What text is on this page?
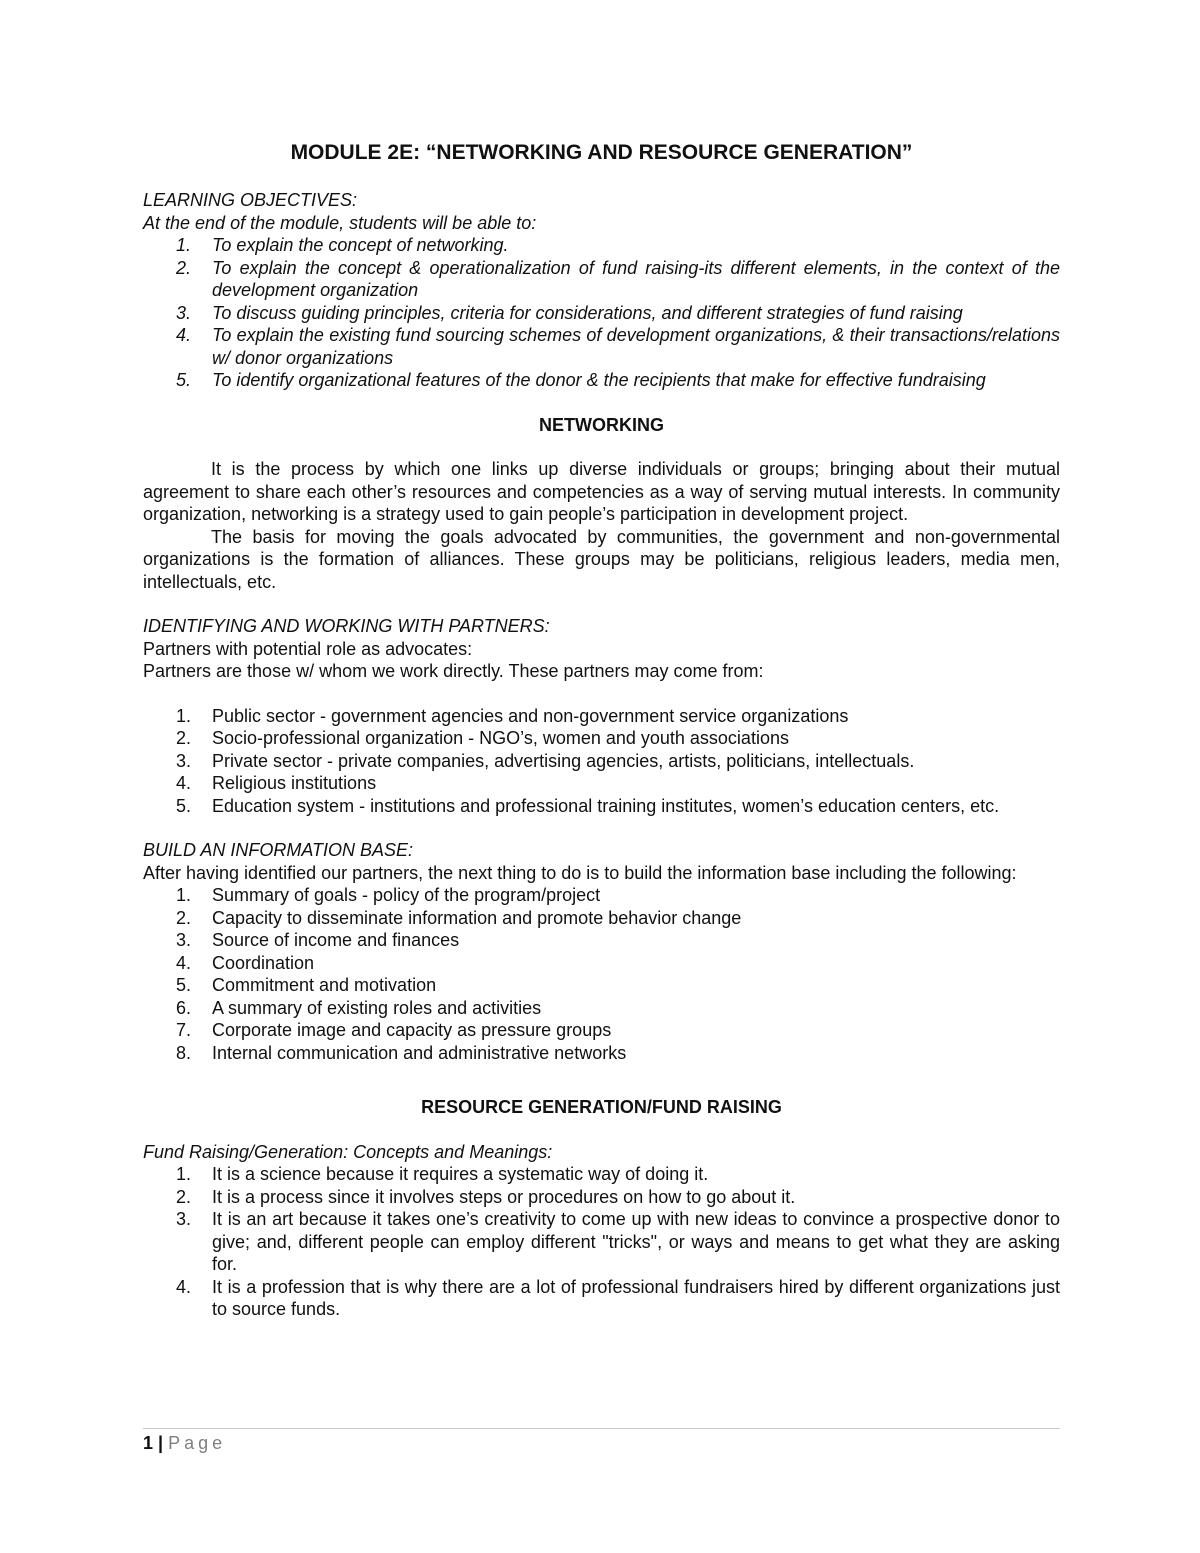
MODULE 2E: “NETWORKING AND RESOURCE GENERATION”

LEARNING OBJECTIVES:

At the end of the module, students will be able to:

1. To explain the concept of networking.
2. To explain the concept & operationalization of fund raising-its different elements, in the context of the development organization
3. To discuss guiding principles, criteria for considerations, and different strategies of fund raising
4. To explain the existing fund sourcing schemes of development organizations, & their transactions/relations w/ donor organizations
5. To identify organizational features of the donor & the recipients that make for effective fundraising

NETWORKING

It is the process by which one links up diverse individuals or groups; bringing about their mutual agreement to share each other’s resources and competencies as a way of serving mutual interests. In community organization, networking is a strategy used to gain people’s participation in development project.

The basis for moving the goals advocated by communities, the government and non-governmental organizations is the formation of alliances. These groups may be politicians, religious leaders, media men, intellectuals, etc.

IDENTIFYING AND WORKING WITH PARTNERS:

Partners with potential role as advocates:

Partners are those w/ whom we work directly. These partners may come from:

1. Public sector - government agencies and non-government service organizations
2. Socio-professional organization - NGO’s, women and youth associations
3. Private sector - private companies, advertising agencies, artists, politicians, intellectuals.
4. Religious institutions
5. Education system - institutions and professional training institutes, women’s education centers, etc.

BUILD AN INFORMATION BASE:

After having identified our partners, the next thing to do is to build the information base including the following:

1. Summary of goals - policy of the program/project
2. Capacity to disseminate information and promote behavior change
3. Source of income and finances
4. Coordination
5. Commitment and motivation
6. A summary of existing roles and activities
7. Corporate image and capacity as pressure groups
8. Internal communication and administrative networks

RESOURCE GENERATION/FUND RAISING

Fund Raising/Generation: Concepts and Meanings:

1. It is a science because it requires a systematic way of doing it.
2. It is a process since it involves steps or procedures on how to go about it.
3. It is an art because it takes one’s creativity to come up with new ideas to convince a prospective donor to give; and, different people can employ different "tricks", or ways and means to get what they are asking for.
4. It is a profession that is why there are a lot of professional fundraisers hired by different organizations just to source funds.
1 | Page
